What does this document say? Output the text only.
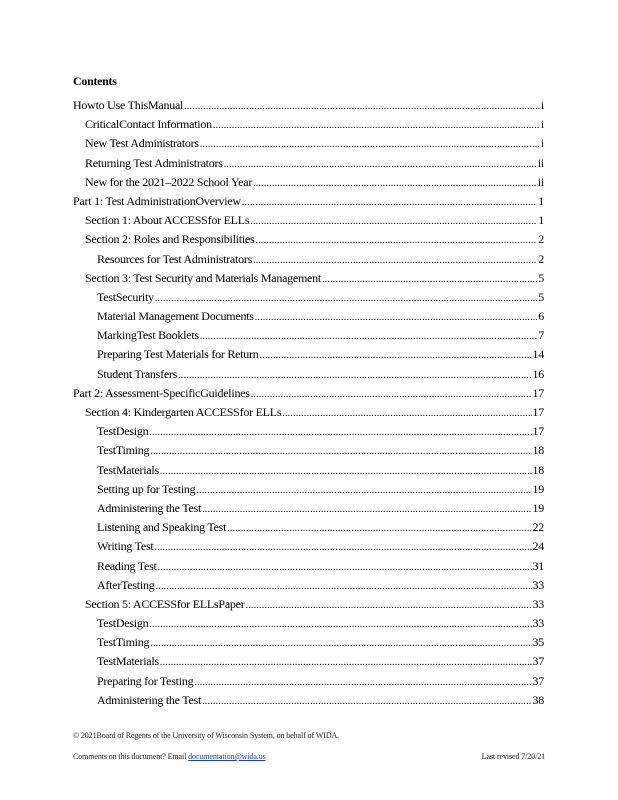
Contents
Howto Use ThisManual .....	i
CriticalContact Information .....	i
New Test Administrators .....	i
Returning Test Administrators .....	ii
New for the 2021–2022 School Year .....	ii
Part 1: Test AdministrationOverview .....	1
Section 1: About ACCESSfor ELLs .....	1
Section 2: Roles and Responsibilities .....	2
Resources for Test Administrators .....	2
Section 3: Test Security and Materials Management .....	5
TestSecurity .....	5
Material Management Documents .....	6
MarkingTest Booklets .....	7
Preparing Test Materials for Return .....	14
Student Transfers .....	16
Part 2: Assessment-SpecificGuidelines .....	17
Section 4: Kindergarten ACCESSfor ELLs .....	17
TestDesign .....	17
TestTiming .....	18
TestMaterials .....	18
Setting up for Testing .....	19
Administering the Test .....	19
Listening and Speaking Test .....	22
Writing Test .....	24
Reading Test .....	31
AfterTesting .....	33
Section 5: ACCESSfor ELLsPaper .....	33
TestDesign .....	33
TestTiming .....	35
TestMaterials .....	37
Preparing for Testing .....	37
Administering the Test .....	38
© 2021Board of Regents of the University of Wisconsin System, on behalf of WIDA.
Comments on this document? Email documentation@wida.us	Last revised 7/20/21
